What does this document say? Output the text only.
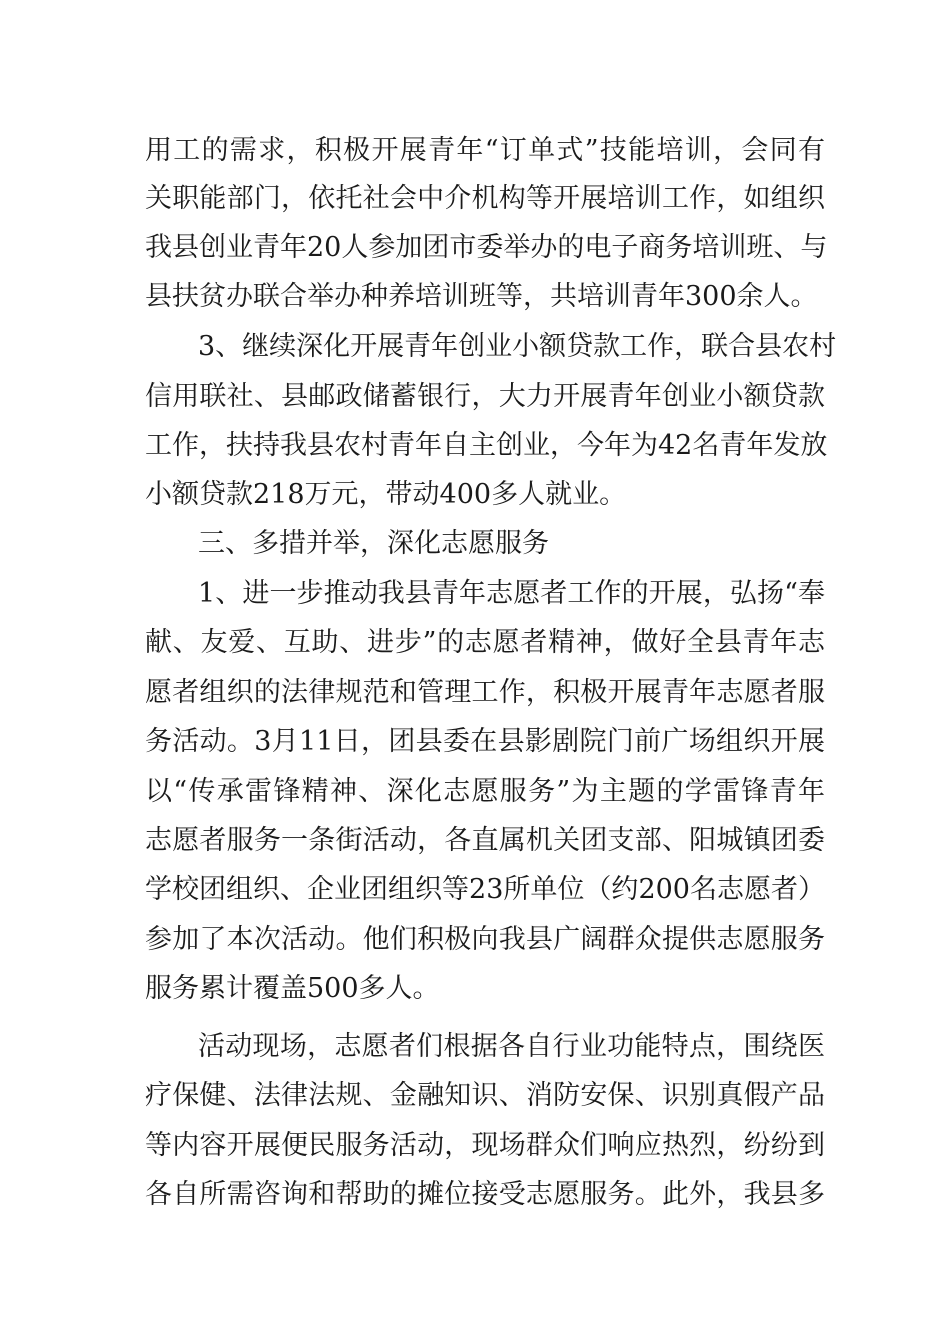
用工的需求，积极开展青年“订单式”技能培训，会同有
关职能部门，依托社会中介机构等开展培训工作，如组织
我县创业青年20人参加团市委举办的电子商务培训班、与
县扶贫办联合举办种养培训班等，共培训青年300余人。
3、继续深化开展青年创业小额贷款工作，联合县农村
信用联社、县邮政储蓄银行，大力开展青年创业小额贷款
工作，扶持我县农村青年自主创业，今年为42名青年发放
小额贷款218万元，带动400多人就业。
三、多措并举，深化志愿服务
1、进一步推动我县青年志愿者工作的开展，弘扬“奉
献、友爱、互助、进步”的志愿者精神，做好全县青年志
愿者组织的法律规范和管理工作，积极开展青年志愿者服
务活动。3月11日，团县委在县影剧院门前广场组织开展
以“传承雷锋精神、深化志愿服务”为主题的学雷锋青年
志愿者服务一条街活动，各直属机关团支部、阳城镇团委
学校团组织、企业团组织等23所单位（约200名志愿者）
参加了本次活动。他们积极向我县广阔群众提供志愿服务
服务累计覆盖500多人。
活动现场，志愿者们根据各自行业功能特点，围绕医
疗保健、法律法规、金融知识、消防安保、识别真假产品
等内容开展便民服务活动，现场群众们响应热烈，纷纷到
各自所需咨询和帮助的摊位接受志愿服务。此外，我县多
